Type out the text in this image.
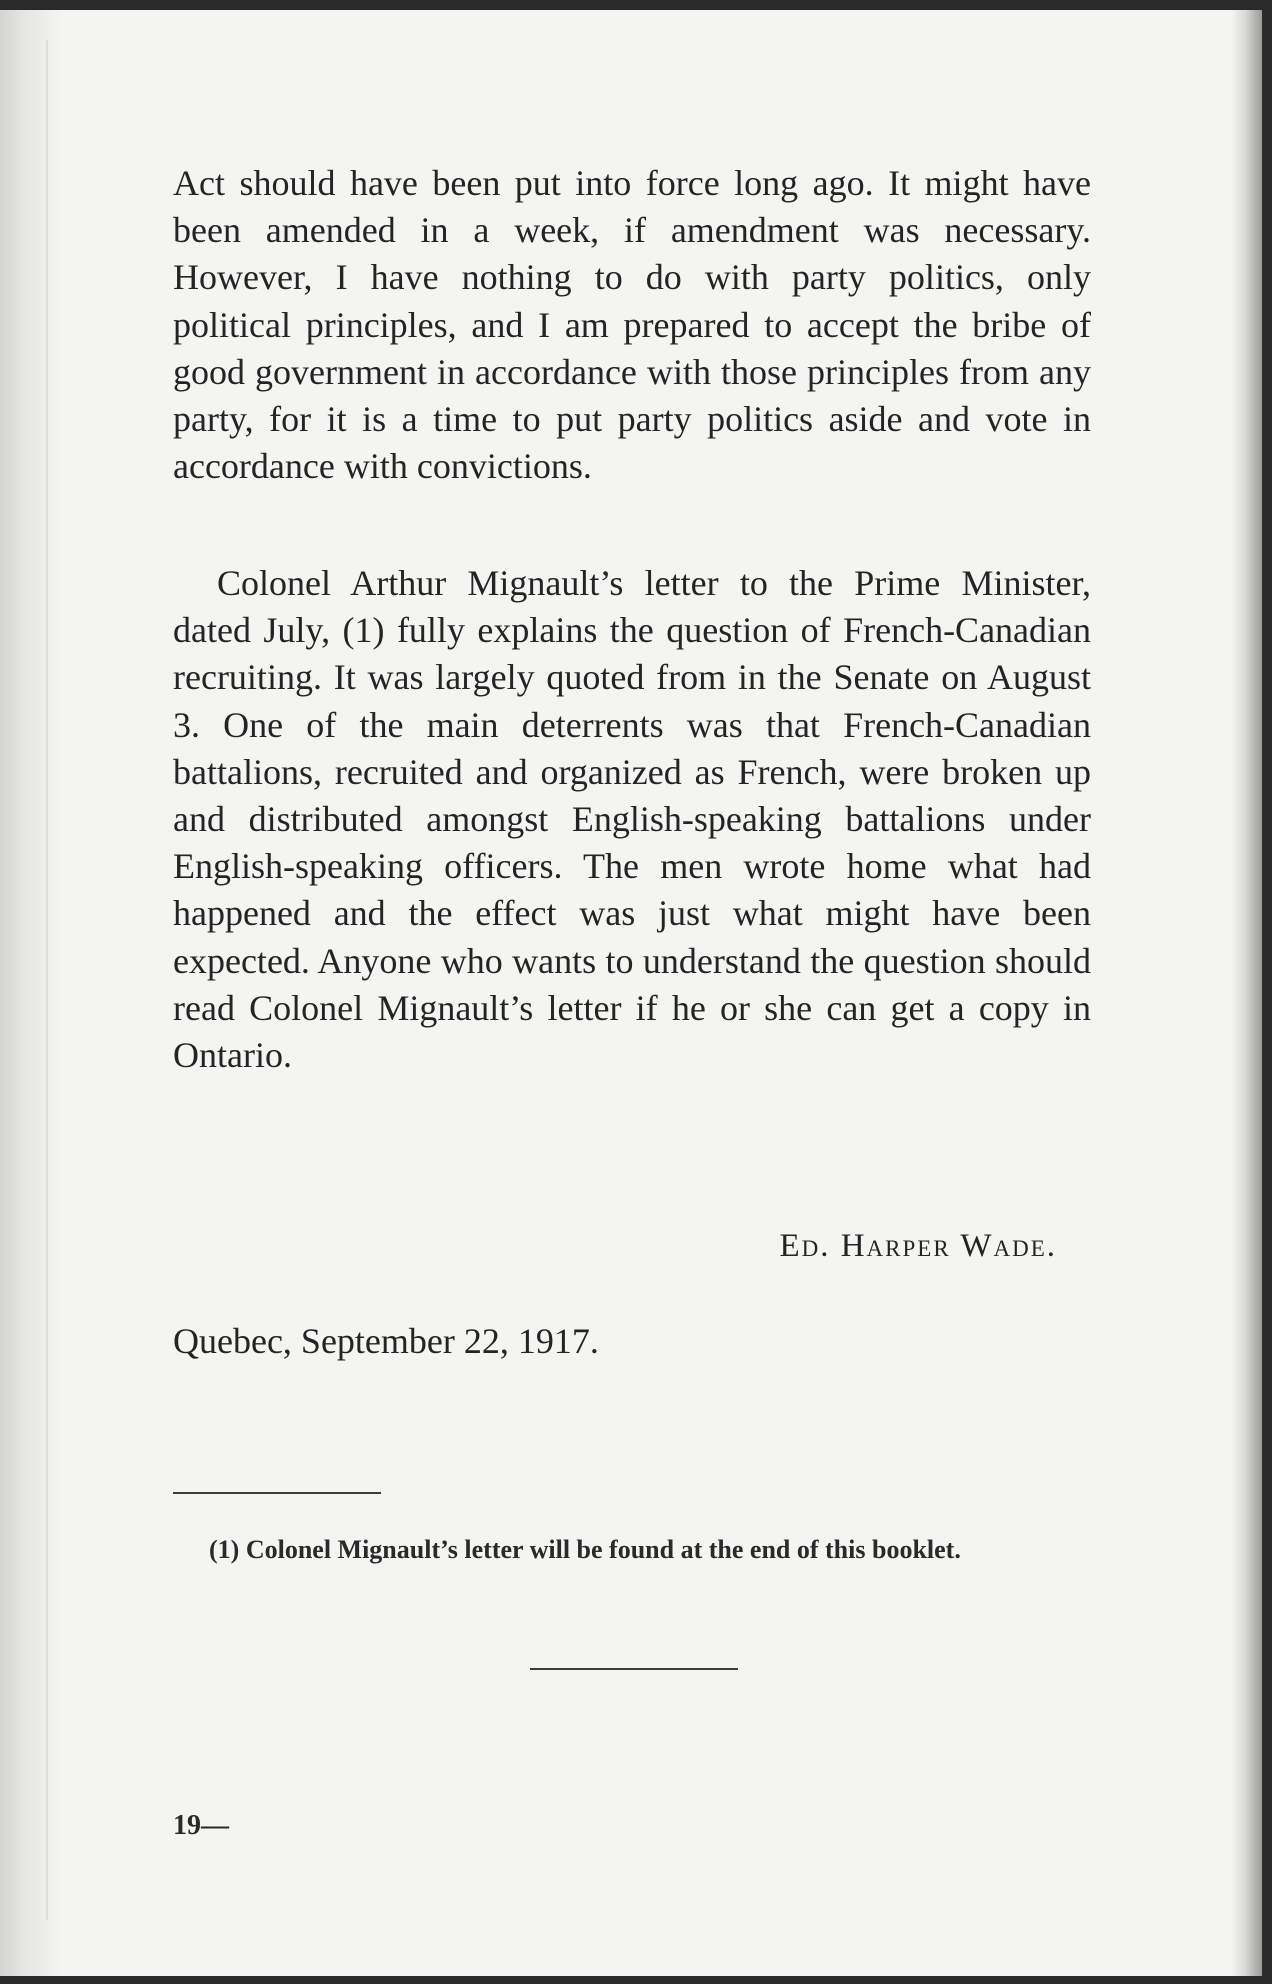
Act should have been put into force long ago. It might have been amended in a week, if amendment was necessary. However, I have nothing to do with party politics, only political principles, and I am prepared to accept the bribe of good government in accordance with those principles from any party, for it is a time to put party politics aside and vote in accordance with convictions.

Colonel Arthur Mignault’s letter to the Prime Minister, dated July, (1) fully explains the question of French-Canadian recruiting. It was largely quoted from in the Senate on August 3. One of the main deterrents was that French-Canadian battalions, recruited and organized as French, were broken up and distributed amongst English-speaking battalions under English-speaking officers. The men wrote home what had happened and the effect was just what might have been expected. Anyone who wants to understand the question should read Colonel Mignault’s letter if he or she can get a copy in Ontario.

Ed. Harper Wade.
Quebec, September 22, 1917.

(1) Colonel Mignault’s letter will be found at the end of this booklet.

19—
